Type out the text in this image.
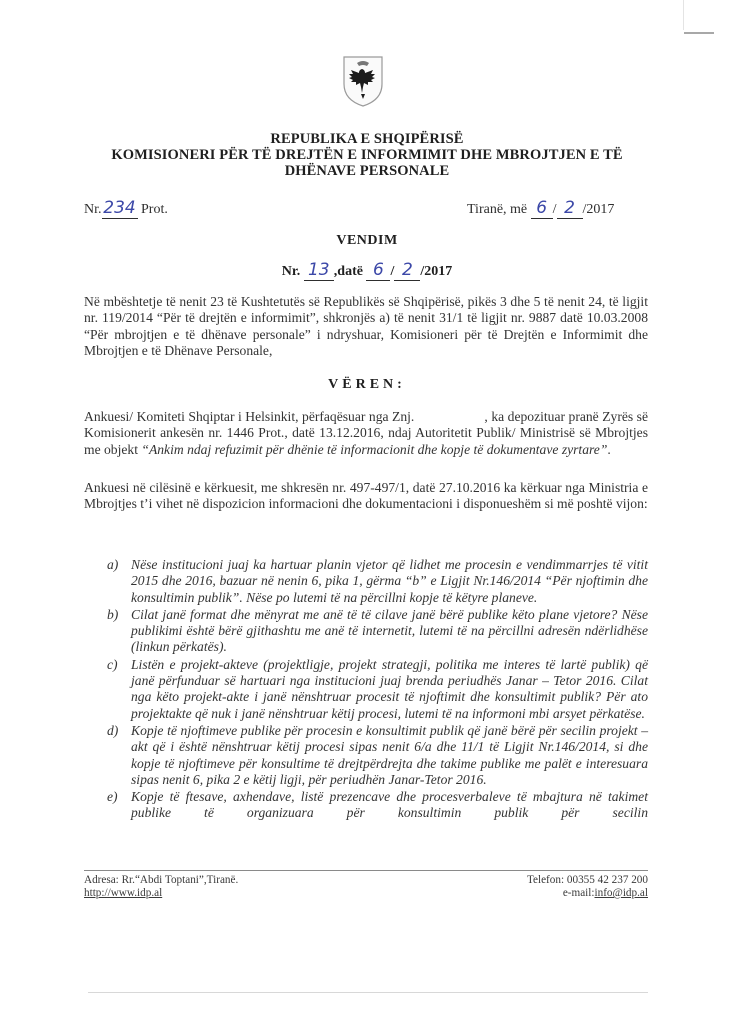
REPUBLIKA E SHQIPËRISË
KOMISIONERI PËR TË DREJTËN E INFORMIMIT DHE MBROJTJEN E TË
DHËNAVE PERSONALE
Nr. 234 Prot.	Tiranë, më 6 / 2 /2017
VENDIM
Nr. 13 ,datë 6 / 2 /2017
Në mbështetje të nenit 23 të Kushtetutës së Republikës së Shqipërisë, pikës 3 dhe 5 të nenit 24, të ligjit nr. 119/2014 “Për të drejtën e informimit”, shkronjës a) të nenit 31/1 të ligjit nr. 9887 datë 10.03.2008 “Për mbrojtjen e të dhënave personale” i ndryshuar, Komisioneri për të Drejtën e Informimit dhe Mbrojtjen e të Dhënave Personale,
VËREN:
Ankuesi/ Komiteti Shqiptar i Helsinkit, përfaqësuar nga Znj.                    , ka depozituar pranë Zyrës së Komisionerit ankesën nr. 1446 Prot., datë 13.12.2016, ndaj Autoritetit Publik/ Ministrisë së Mbrojtjes me objekt “Ankim ndaj refuzimit për dhënie të informacionit dhe kopje të dokumentave zyrtare”.
Ankuesi në cilësinë e kërkuesit, me shkresën nr. 497-497/1, datë 27.10.2016 ka kërkuar nga Ministria e Mbrojtjes t’i vihet në dispozicion informacioni dhe dokumentacioni i disponueshëm si më poshtë vijon:
a) Nëse institucioni juaj ka hartuar planin vjetor që lidhet me procesin e vendimmarrjes të vitit 2015 dhe 2016, bazuar në nenin 6, pika 1, gërma “b” e Ligjit Nr.146/2014 “Për njoftimin dhe konsultimin publik”. Nëse po lutemi të na përcillni kopje të këtyre planeve.
b) Cilat janë format dhe mënyrat me anë të të cilave janë bërë publike këto plane vjetore? Nëse publikimi është bërë gjithashtu me anë të internetit, lutemi të na përcillni adresën ndërlidhëse (linkun përkatës).
c) Listën e projekt-akteve (projektligje, projekt strategji, politika me interes të lartë publik) që janë përfunduar së hartuari nga institucioni juaj brenda periudhës Janar – Tetor 2016. Cilat nga këto projekt-akte i janë nënshtruar procesit të njoftimit dhe konsultimit publik? Për ato projektakte që nuk i janë nënshtruar këtij procesi, lutemi të na informoni mbi arsyet përkatëse.
d) Kopje të njoftimeve publike për procesin e konsultimit publik që janë bërë për secilin projekt – akt që i është nënshtruar këtij procesi sipas nenit 6/a dhe 11/1 të Ligjit Nr.146/2014, si dhe kopje të njoftimeve për konsultime të drejtpërdrejta dhe takime publike me palët e interesuara sipas nenit 6, pika 2 e këtij ligji, për periudhën Janar-Tetor 2016.
e) Kopje të ftesave, axhendave, listë prezencave dhe procesverbaleve të mbajtura në takimet publike të organizuara për konsultimin publik për secilin
Adresa: Rr.“Abdi Toptani”,Tiranë.
http://www.idp.al
Telefon: 00355 42 237 200
e-mail:info@idp.al
